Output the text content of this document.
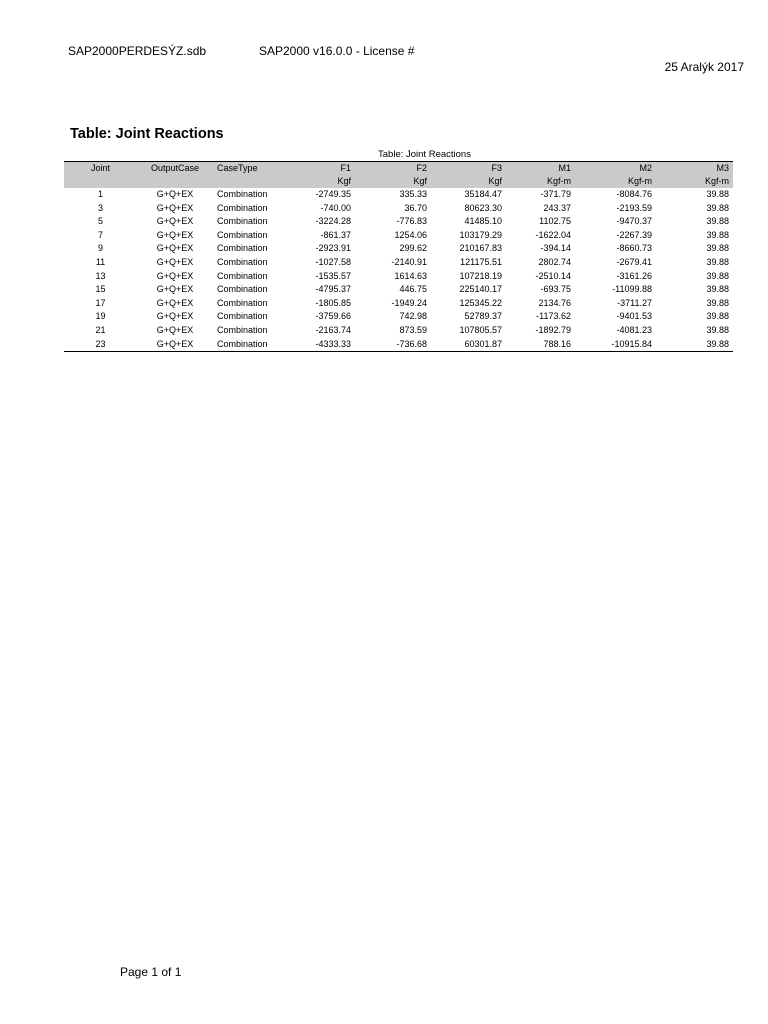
SAP2000PERDESÝZ.sdb	SAP2000 v16.0.0 - License #
25 Aralýk 2017
Table: Joint Reactions
Table: Joint Reactions
Joint	OutputCase	CaseType	F1	F2	F3	M1	M2	M3
			Kgf	Kgf	Kgf	Kgf-m	Kgf-m	Kgf-m
1	G+Q+EX	Combination	-2749.35	335.33	35184.47	-371.79	-8084.76	39.88
3	G+Q+EX	Combination	-740.00	36.70	80623.30	243.37	-2193.59	39.88
5	G+Q+EX	Combination	-3224.28	-776.83	41485.10	1102.75	-9470.37	39.88
7	G+Q+EX	Combination	-861.37	1254.06	103179.29	-1622.04	-2267.39	39.88
9	G+Q+EX	Combination	-2923.91	299.62	210167.83	-394.14	-8660.73	39.88
11	G+Q+EX	Combination	-1027.58	-2140.91	121175.51	2802.74	-2679.41	39.88
13	G+Q+EX	Combination	-1535.57	1614.63	107218.19	-2510.14	-3161.26	39.88
15	G+Q+EX	Combination	-4795.37	446.75	225140.17	-693.75	-11099.88	39.88
17	G+Q+EX	Combination	-1805.85	-1949.24	125345.22	2134.76	-3711.27	39.88
19	G+Q+EX	Combination	-3759.66	742.98	52789.37	-1173.62	-9401.53	39.88
21	G+Q+EX	Combination	-2163.74	873.59	107805.57	-1892.79	-4081.23	39.88
23	G+Q+EX	Combination	-4333.33	-736.68	60301.87	788.16	-10915.84	39.88
Page 1 of 1
